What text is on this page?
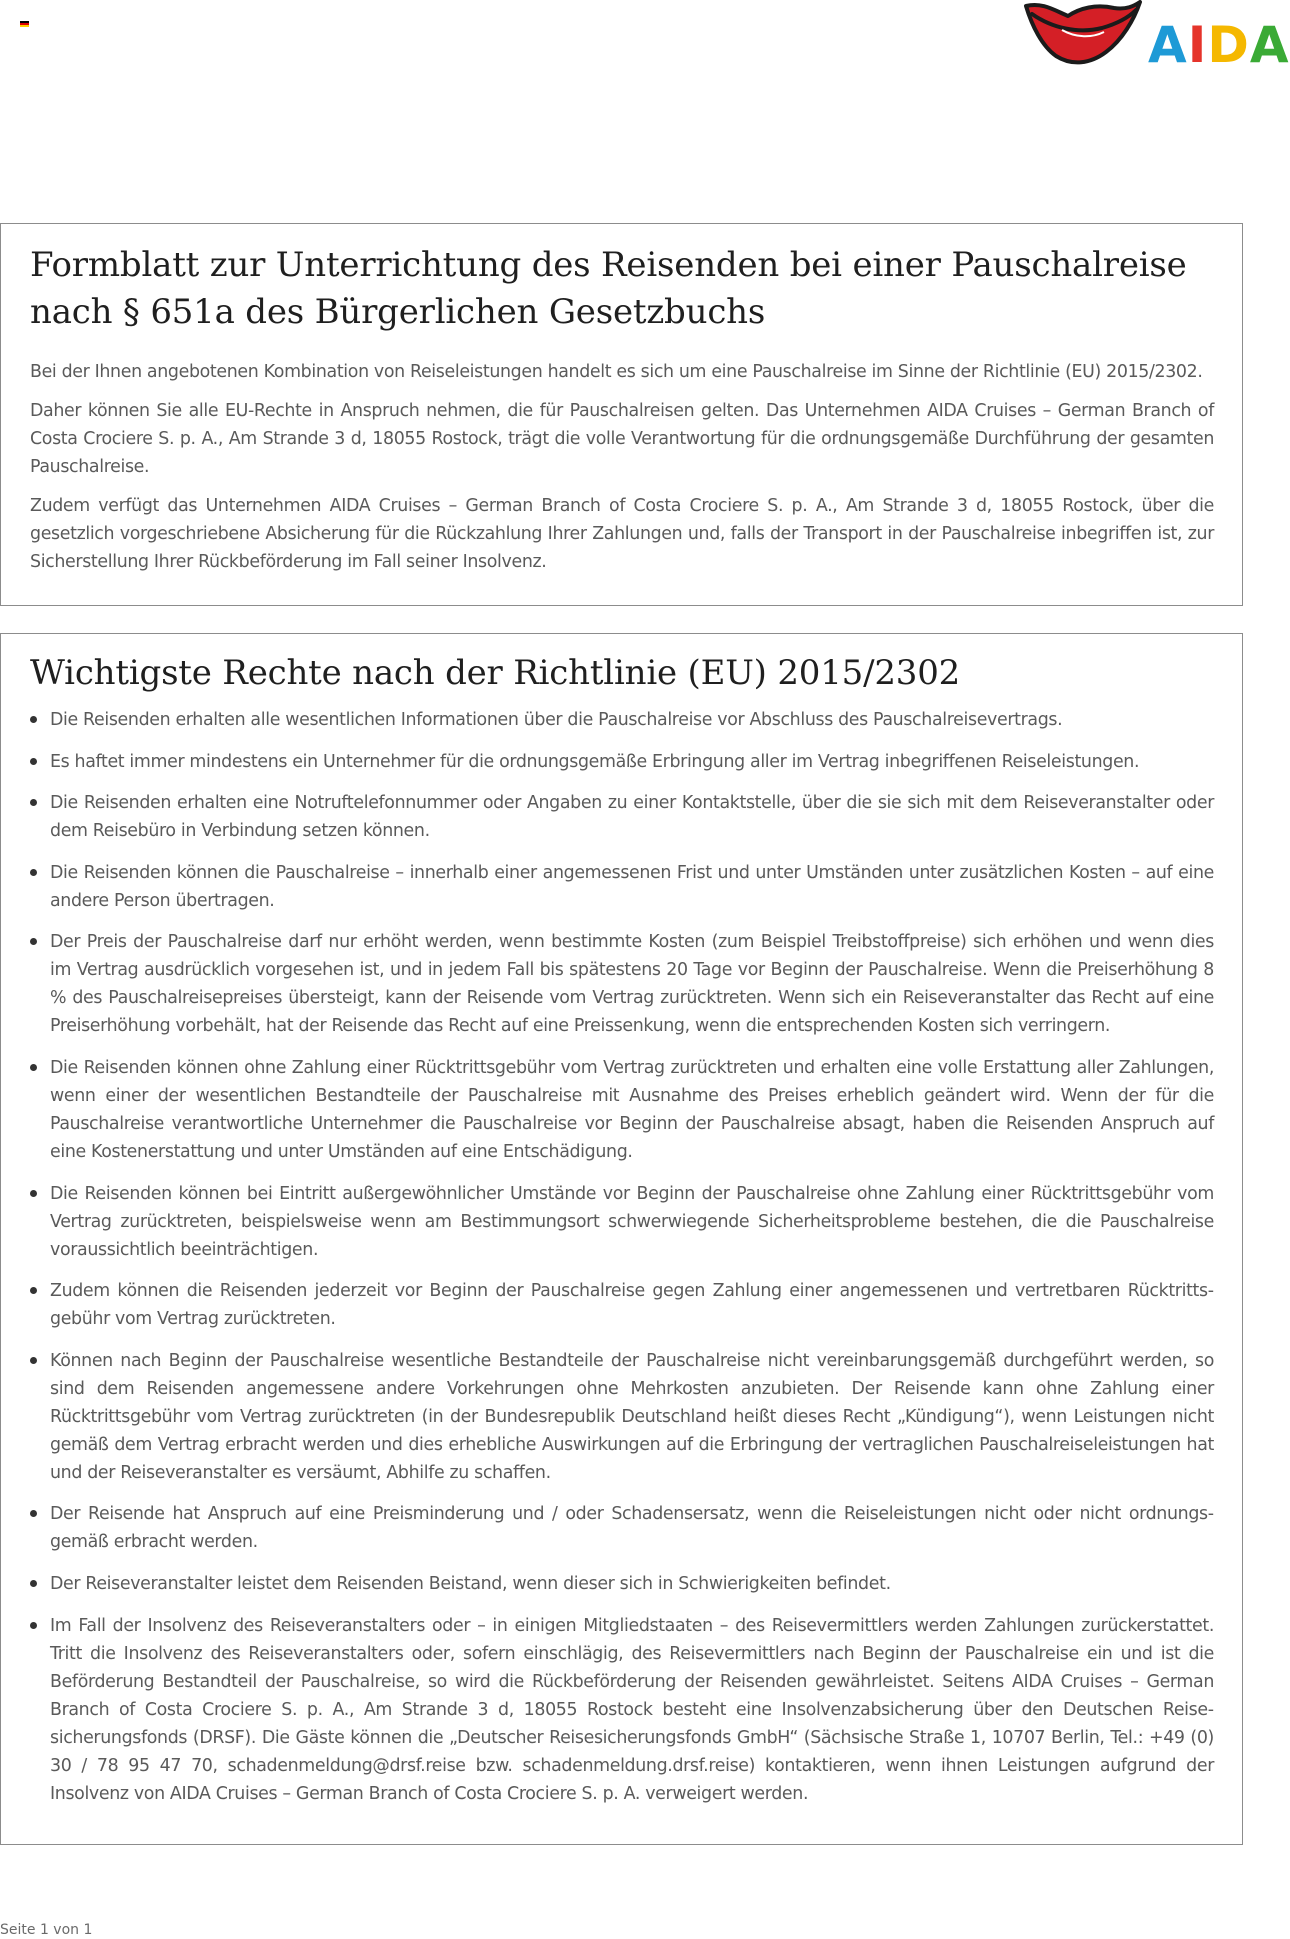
AIDA
Formblatt zur Unterrichtung des Reisenden bei einer Pauschalreise nach § 651a des Bürgerlichen Gesetzbuchs

Bei der Ihnen angebotenen Kombination von Reiseleistungen handelt es sich um eine Pauschalreise im Sinne der Richtlinie (EU) 2015/2302.

Daher können Sie alle EU-Rechte in Anspruch nehmen, die für Pauschalreisen gelten. Das Unternehmen AIDA Cruises – German Branch of Costa Crociere S. p. A., Am Strande 3 d, 18055 Rostock, trägt die volle Verantwortung für die ordnungsgemäße Durchführung der gesamten Pauschalreise.

Zudem verfügt das Unternehmen AIDA Cruises – German Branch of Costa Crociere S. p. A., Am Strande 3 d, 18055 Rostock, über die gesetzlich vorgeschriebene Absicherung für die Rückzahlung Ihrer Zahlungen und, falls der Transport in der Pauschalreise inbegriffen ist, zur Sicherstellung Ihrer Rückbeförderung im Fall seiner Insolvenz.

Wichtigste Rechte nach der Richtlinie (EU) 2015/2302
Die Reisenden erhalten alle wesentlichen Informationen über die Pauschalreise vor Abschluss des Pauschalreisevertrags.
Es haftet immer mindestens ein Unternehmer für die ordnungsgemäße Erbringung aller im Vertrag inbegriffenen Reiseleistungen.
Die Reisenden erhalten eine Notruftelefonnummer oder Angaben zu einer Kontaktstelle, über die sie sich mit dem Reiseveranstalter oder dem Reisebüro in Verbindung setzen können.
Die Reisenden können die Pauschalreise – innerhalb einer angemessenen Frist und unter Umständen unter zusätzlichen Kosten – auf eine andere Person übertragen.
Der Preis der Pauschalreise darf nur erhöht werden, wenn bestimmte Kosten (zum Beispiel Treibstoffpreise) sich erhöhen und wenn dies im Vertrag ausdrücklich vorgesehen ist, und in jedem Fall bis spätestens 20 Tage vor Beginn der Pauschalreise. Wenn die Preiserhöhung 8 % des Pauschalreisepreises übersteigt, kann der Reisende vom Vertrag zurücktreten. Wenn sich ein Reiseveranstalter das Recht auf eine Preiserhöhung vorbehält, hat der Reisende das Recht auf eine Preissenkung, wenn die entsprechenden Kosten sich verringern.
Die Reisenden können ohne Zahlung einer Rücktrittsgebühr vom Vertrag zurücktreten und erhalten eine volle Erstattung aller Zahlungen, wenn einer der wesentlichen Bestandteile der Pauschalreise mit Ausnahme des Preises erheblich geändert wird. Wenn der für die Pauschalreise verantwortliche Unternehmer die Pauschalreise vor Beginn der Pauschalreise absagt, haben die Reisenden Anspruch auf eine Kostenerstattung und unter Umständen auf eine Entschädigung.
Die Reisenden können bei Eintritt außergewöhnlicher Umstände vor Beginn der Pauschalreise ohne Zahlung einer Rücktrittsgebühr vom Vertrag zurücktreten, beispielsweise wenn am Bestimmungsort schwerwiegende Sicherheitsprobleme bestehen, die die Pauschalreise voraussichtlich beeinträchtigen.
Zudem können die Reisenden jederzeit vor Beginn der Pauschalreise gegen Zahlung einer angemessenen und vertretbaren Rücktrittsgebühr vom Vertrag zurücktreten.
Können nach Beginn der Pauschalreise wesentliche Bestandteile der Pauschalreise nicht vereinbarungsgemäß durchgeführt werden, so sind dem Reisenden angemessene andere Vorkehrungen ohne Mehrkosten anzubieten. Der Reisende kann ohne Zahlung einer Rücktrittsgebühr vom Vertrag zurücktreten (in der Bundesrepublik Deutschland heißt dieses Recht „Kündigung“), wenn Leistungen nicht gemäß dem Vertrag erbracht werden und dies erhebliche Auswirkungen auf die Erbringung der vertraglichen Pauschalreiseleistungen hat und der Reiseveranstalter es versäumt, Abhilfe zu schaffen.
Der Reisende hat Anspruch auf eine Preisminderung und / oder Schadensersatz, wenn die Reiseleistungen nicht oder nicht ordnungsgemäß erbracht werden.
Der Reiseveranstalter leistet dem Reisenden Beistand, wenn dieser sich in Schwierigkeiten befindet.
Im Fall der Insolvenz des Reiseveranstalters oder – in einigen Mitgliedstaaten – des Reisevermittlers werden Zahlungen zurückerstattet. Tritt die Insolvenz des Reiseveranstalters oder, sofern einschlägig, des Reisevermittlers nach Beginn der Pauschalreise ein und ist die Beförderung Bestandteil der Pauschalreise, so wird die Rückbeförderung der Reisenden gewährleistet. Seitens AIDA Cruises – German Branch of Costa Crociere S. p. A., Am Strande 3 d, 18055 Rostock besteht eine Insolvenzabsicherung über den Deutschen Reisesicherungsfonds (DRSF). Die Gäste können die „Deutscher Reisesicherungsfonds GmbH“ (Sächsische Straße 1, 10707 Berlin, Tel.: +49 (0) 30 / 78 95 47 70, schadenmeldung@drsf.reise bzw. schadenmeldung.drsf.reise) kontaktieren, wenn ihnen Leistungen aufgrund der Insolvenz von AIDA Cruises – German Branch of Costa Crociere S. p. A. verweigert werden.
Seite 1 von 1
